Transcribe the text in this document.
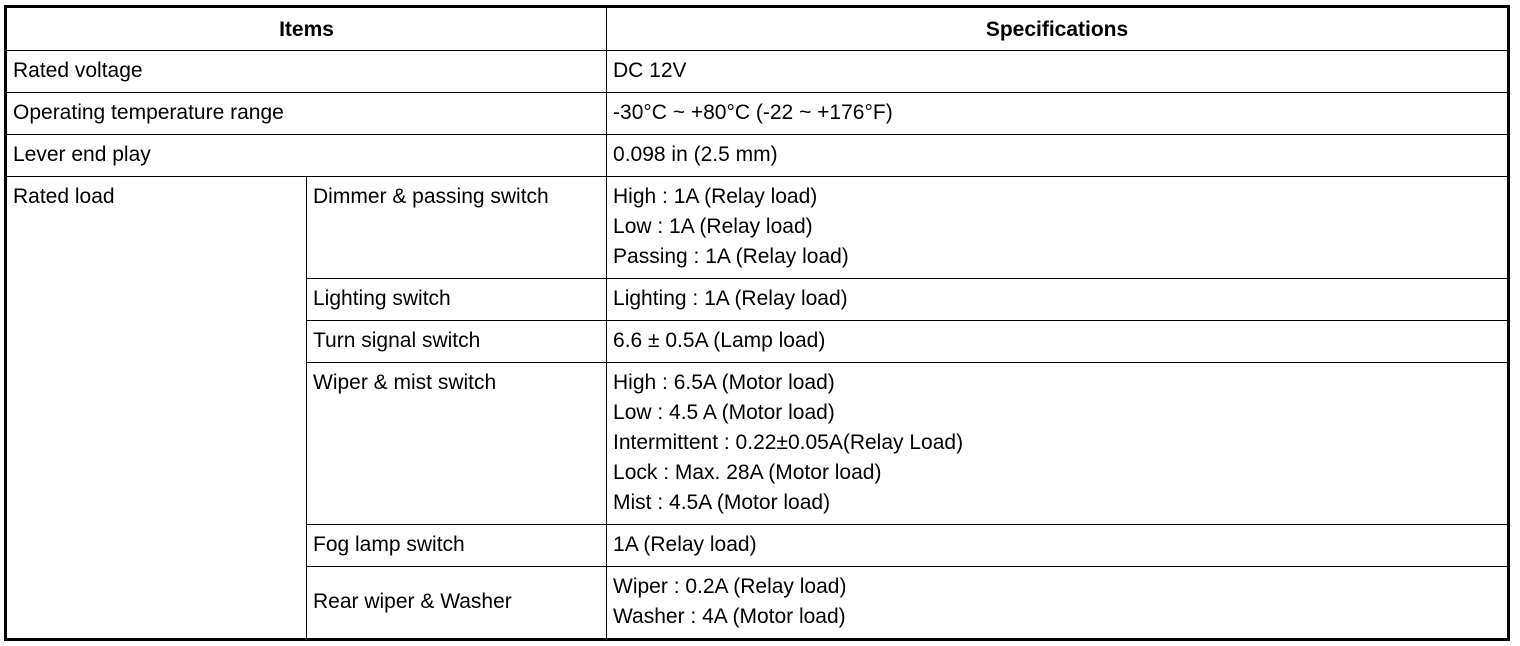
Items		Specifications
Rated voltage		DC 12V
Operating temperature range		-30°C ~ +80°C (-22 ~ +176°F)
Lever end play		0.098 in (2.5 mm)
Rated load	Dimmer & passing switch	High : 1A (Relay load)
Low : 1A (Relay load)
Passing : 1A (Relay load)

	Lighting switch	Lighting : 1A (Relay load)

	Turn signal switch	6.6 ± 0.5A (Lamp load)

	Wiper & mist switch	High : 6.5A (Motor load)
Low : 4.5 A (Motor load)
Intermittent : 0.22±0.05A(Relay Load)
Lock : Max. 28A (Motor load)
Mist : 4.5A (Motor load)

	Fog lamp switch	1A (Relay load)

	Rear wiper & Washer	Wiper : 0.2A (Relay load)
Washer : 4A (Motor load)
